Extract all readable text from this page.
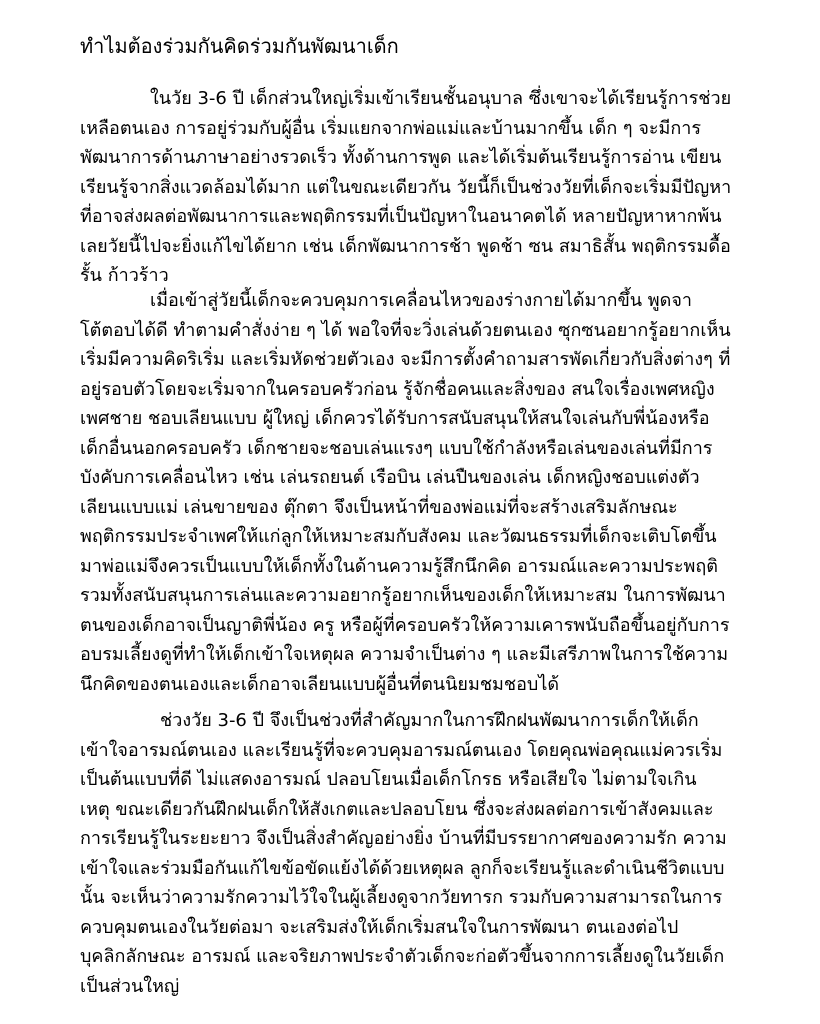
ทำไมต้องร่วมกันคิดร่วมกันพัฒนาเด็ก
ในวัย 3-6 ปี เด็กส่วนใหญ่เริ่มเข้าเรียนชั้นอนุบาล ซึ่งเขาจะได้เรียนรู้การช่วย
เหลือตนเอง การอยู่ร่วมกับผู้อื่น เริ่มแยกจากพ่อแม่และบ้านมากขึ้น เด็ก ๆ จะมีการ
พัฒนาการด้านภาษาอย่างรวดเร็ว ทั้งด้านการพูด และได้เริ่มต้นเรียนรู้การอ่าน เขียน
เรียนรู้จากสิ่งแวดล้อมได้มาก แต่ในขณะเดียวกัน วัยนี้ก็เป็นช่วงวัยที่เด็กจะเริ่มมีปัญหา
ที่อาจส่งผลต่อพัฒนาการและพฤติกรรมที่เป็นปัญหาในอนาคตได้ หลายปัญหาหากพ้น
เลยวัยนี้ไปจะยิ่งแก้ไขได้ยาก เช่น เด็กพัฒนาการช้า พูดช้า ซน สมาธิสั้น พฤติกรรมดื้อ
รั้น ก้าวร้าว
เมื่อเข้าสู่วัยนี้เด็กจะควบคุมการเคลื่อนไหวของร่างกายได้มากขึ้น พูดจา
โต้ตอบได้ดี ทำตามคำสั่งง่าย ๆ ได้ พอใจที่จะวิ่งเล่นด้วยตนเอง ซุกซนอยากรู้อยากเห็น
เริ่มมีความคิดริเริ่ม และเริ่มหัดช่วยตัวเอง จะมีการตั้งคำถามสารพัดเกี่ยวกับสิ่งต่างๆ ที่
อยู่รอบตัวโดยจะเริ่มจากในครอบครัวก่อน รู้จักชื่อคนและสิ่งของ สนใจเรื่องเพศหญิง
เพศชาย ชอบเลียนแบบ ผู้ใหญ่ เด็กควรได้รับการสนับสนุนให้สนใจเล่นกับพี่น้องหรือ
เด็กอื่นนอกครอบครัว เด็กชายจะชอบเล่นแรงๆ แบบใช้กำลังหรือเล่นของเล่นที่มีการ
บังคับการเคลื่อนไหว เช่น เล่นรถยนต์ เรือบิน เล่นปืนของเล่น เด็กหญิงชอบแต่งตัว
เลียนแบบแม่ เล่นขายของ ตุ๊กตา จึงเป็นหน้าที่ของพ่อแม่ที่จะสร้างเสริมลักษณะ
พฤติกรรมประจำเพศให้แก่ลูกให้เหมาะสมกับสังคม และวัฒนธรรมที่เด็กจะเติบโตขึ้น
มาพ่อแม่จึงควรเป็นแบบให้เด็กทั้งในด้านความรู้สึกนึกคิด อารมณ์และความประพฤติ
รวมทั้งสนับสนุนการเล่นและความอยากรู้อยากเห็นของเด็กให้เหมาะสม ในการพัฒนา
ตนของเด็กอาจเป็นญาติพี่น้อง ครู หรือผู้ที่ครอบครัวให้ความเคารพนับถือขึ้นอยู่กับการ
อบรมเลี้ยงดูที่ทำให้เด็กเข้าใจเหตุผล ความจำเป็นต่าง ๆ และมีเสรีภาพในการใช้ความ
นึกคิดของตนเองและเด็กอาจเลียนแบบผู้อื่นที่ตนนิยมชมชอบได้
ช่วงวัย 3-6 ปี จึงเป็นช่วงที่สำคัญมากในการฝึกฝนพัฒนาการเด็กให้เด็ก
เข้าใจอารมณ์ตนเอง และเรียนรู้ที่จะควบคุมอารมณ์ตนเอง โดยคุณพ่อคุณแม่ควรเริ่ม
เป็นต้นแบบที่ดี ไม่แสดงอารมณ์ ปลอบโยนเมื่อเด็กโกรธ หรือเสียใจ ไม่ตามใจเกิน
เหตุ ขณะเดียวกันฝึกฝนเด็กให้สังเกตและปลอบโยน ซึ่งจะส่งผลต่อการเข้าสังคมและ
การเรียนรู้ในระยะยาว จึงเป็นสิ่งสำคัญอย่างยิ่ง บ้านที่มีบรรยากาศของความรัก ความ
เข้าใจและร่วมมือกันแก้ไขข้อขัดแย้งได้ด้วยเหตุผล ลูกก็จะเรียนรู้และดำเนินชีวิตแบบ
นั้น จะเห็นว่าความรักความไว้ใจในผู้เลี้ยงดูจากวัยทารก รวมกับความสามารถในการ
ควบคุมตนเองในวัยต่อมา จะเสริมส่งให้เด็กเริ่มสนใจในการพัฒนา ตนเองต่อไป
บุคลิกลักษณะ อารมณ์ และจริยภาพประจำตัวเด็กจะก่อตัวขึ้นจากการเลี้ยงดูในวัยเด็ก
เป็นส่วนใหญ่
